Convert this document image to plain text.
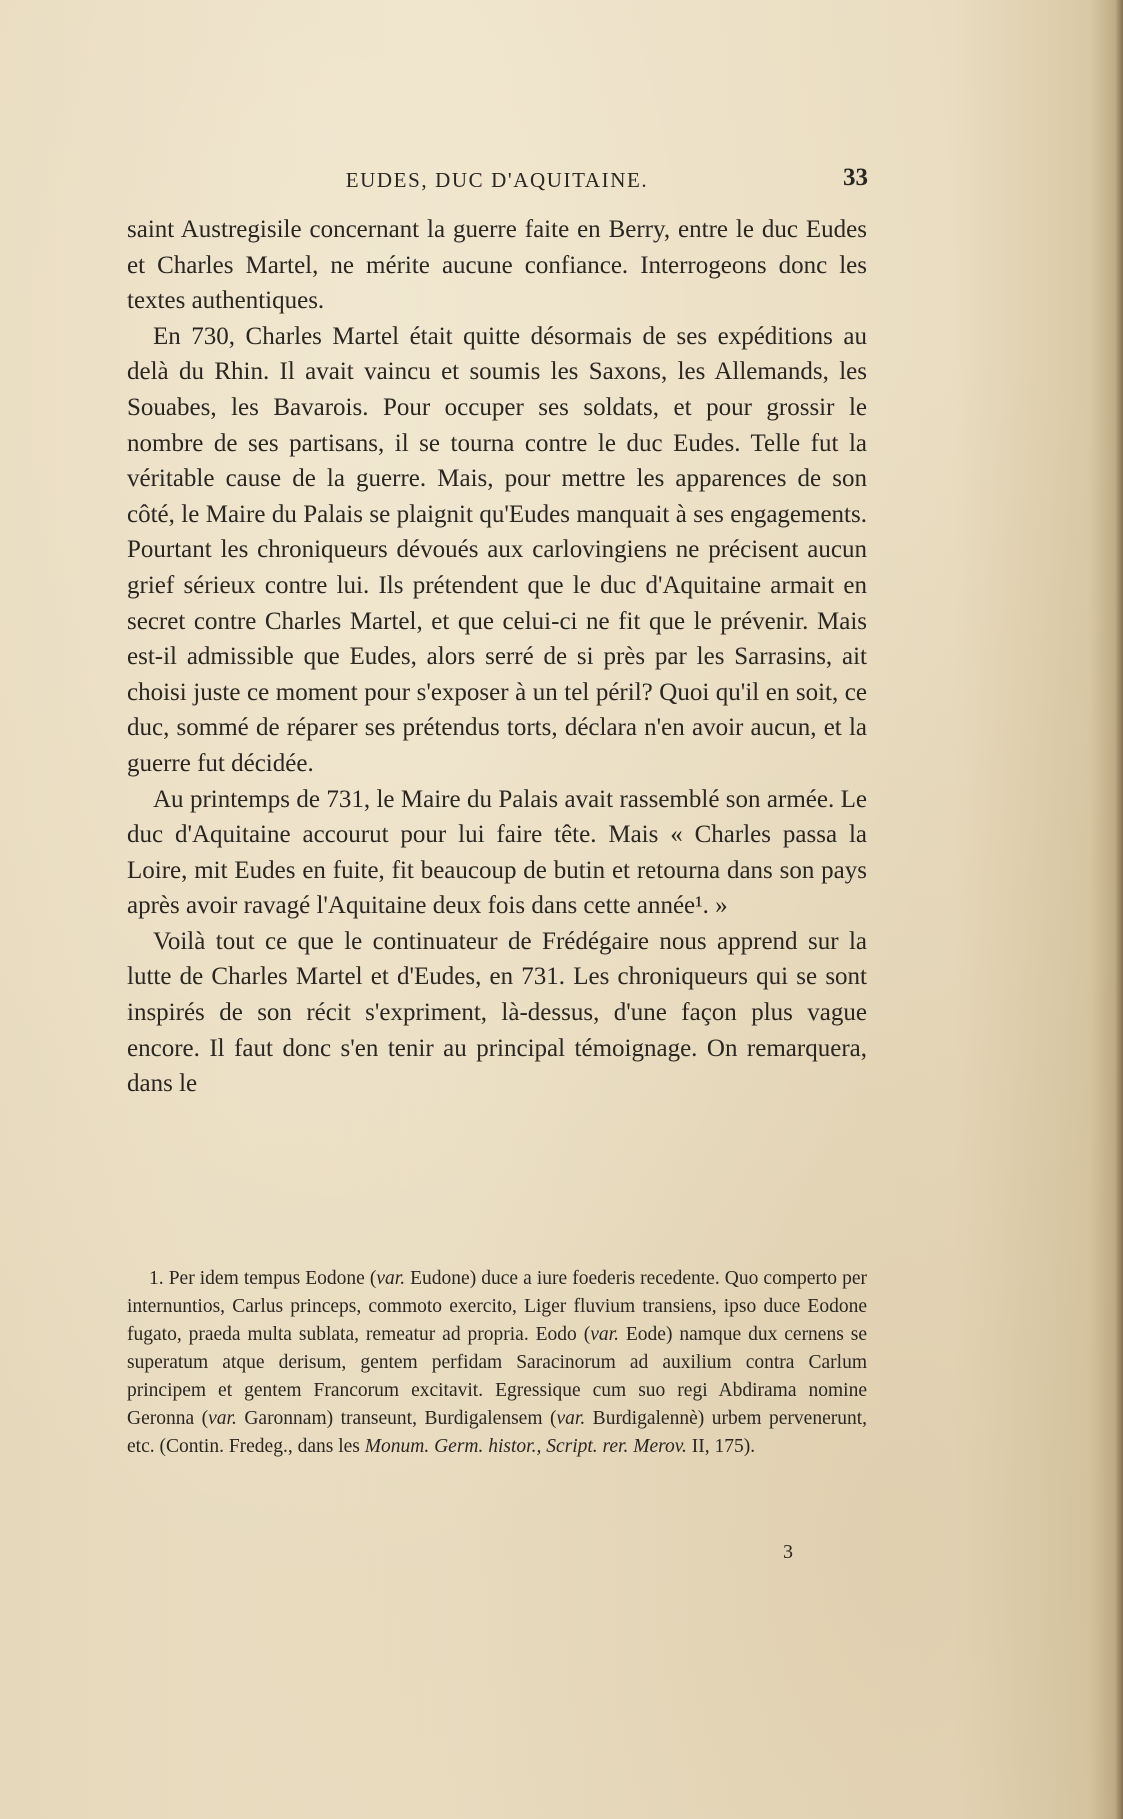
EUDES, DUC D'AQUITAINE.	33

saint Austregisile concernant la guerre faite en Berry, entre le duc Eudes et Charles Martel, ne mérite aucune confiance. Interrogeons donc les textes authentiques.

En 730, Charles Martel était quitte désormais de ses expéditions au delà du Rhin. Il avait vaincu et soumis les Saxons, les Allemands, les Souabes, les Bavarois. Pour occuper ses soldats, et pour grossir le nombre de ses partisans, il se tourna contre le duc Eudes. Telle fut la véritable cause de la guerre. Mais, pour mettre les apparences de son côté, le Maire du Palais se plaignit qu'Eudes manquait à ses engagements. Pourtant les chroniqueurs dévoués aux carlovingiens ne précisent aucun grief sérieux contre lui. Ils prétendent que le duc d'Aquitaine armait en secret contre Charles Martel, et que celui-ci ne fit que le prévenir. Mais est-il admissible que Eudes, alors serré de si près par les Sarrasins, ait choisi juste ce moment pour s'exposer à un tel péril? Quoi qu'il en soit, ce duc, sommé de réparer ses prétendus torts, déclara n'en avoir aucun, et la guerre fut décidée.

Au printemps de 731, le Maire du Palais avait rassemblé son armée. Le duc d'Aquitaine accourut pour lui faire tête. Mais « Charles passa la Loire, mit Eudes en fuite, fit beaucoup de butin et retourna dans son pays après avoir ravagé l'Aquitaine deux fois dans cette année¹. »

Voilà tout ce que le continuateur de Frédégaire nous apprend sur la lutte de Charles Martel et d'Eudes, en 731. Les chroniqueurs qui se sont inspirés de son récit s'expriment, là-dessus, d'une façon plus vague encore. Il faut donc s'en tenir au principal témoignage. On remarquera, dans le

1. Per idem tempus Eodone (var. Eudone) duce a iure foederis recedente. Quo comperto per internuntios, Carlus princeps, commoto exercito, Liger fluvium transiens, ipso duce Eodone fugato, praeda multa sublata, remeatur ad propria. Eodo (var. Eode) namque dux cernens se superatum atque derisum, gentem perfidam Saracinorum ad auxilium contra Carlum principem et gentem Francorum excitavit. Egressique cum suo regi Abdirama nomine Geronna (var. Garonnam) transeunt, Burdigalensem (var. Burdigalennè) urbem pervenerunt, etc. (Contin. Fredeg., dans les Monum. Germ. histor., Script. rer. Merov. II, 175).

3
